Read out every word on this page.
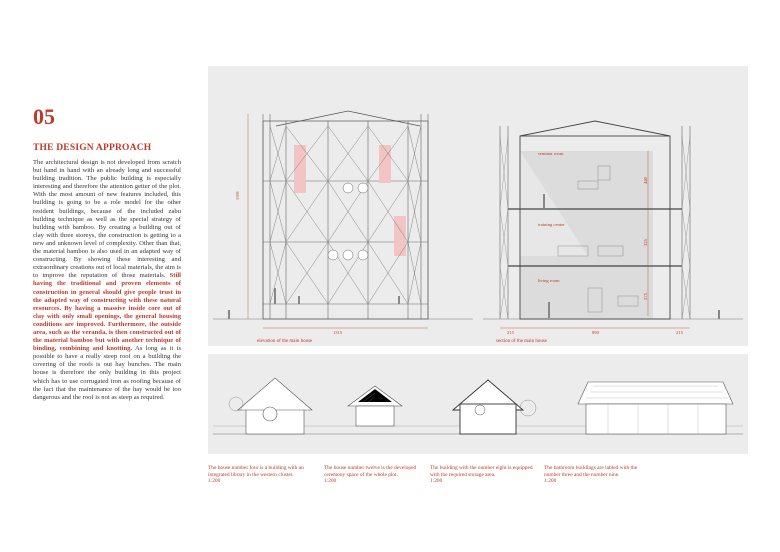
05
THE DESIGN APPROACH
The architectural design is not developed from scratch but hand in hand with an already long and successful building tradition. The public building is especially interesting and therefore the attention getter of the plot. With the most amount of new features included, this building is going to be a role model for the other resident buildings, because of the included zabu building technique as well as the special strategy of building with bamboo. By creating a building out of clay with three storeys, the construction is getting to a new and unknown level of complexity. Other than that, the material bamboo is also used in an adapted way of constructing. By showing these interesting and extraordinary creations out of local materials, the aim is to improve the reputation of those materials. Still having the traditional and proven elements of construction in general should give people trust in the adapted way of constructing with these natural resources. By having a massive inside core out of clay with only small openings, the general housing conditions are improved. Furthermore, the outside area, such as the veranda, is then constructed out of the material bamboo but with another technique of binding, combining and knotting. As long as it is possible to have a really steep roof on a building the covering of the roofs is out hay bunches. The main house is therefore the only building in this project which has to use corrugated iron as roofing because of the fact that the maintenance of the hay would be too dangerous and the roof is not as steep as required.
1591
1315
elevation of the main house
seminar room
training center
living room
440
325
275
215	890	215
section of the main house
The house number four is a building with an integrated library in the western cluster.
1:200
The house number twelve is the developed ceremony space of the whole plot.
1:200
The building with the number eight is equipped with the required storage area.
1:200
The bathroom buildings are labled with the number three and the number nine.
1:200
